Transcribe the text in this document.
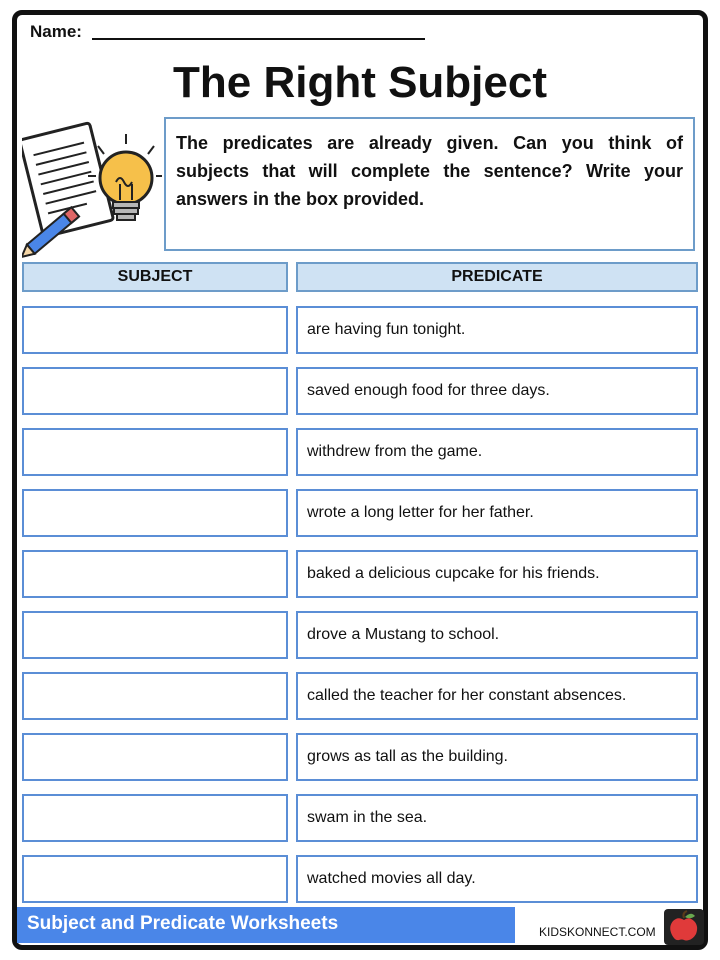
Name:
The Right Subject
The predicates are already given. Can you think of subjects that will complete the sentence? Write your answers in the box provided.
SUBJECT	PREDICATE
are having fun tonight.
saved enough food for three days.
withdrew from the game.
wrote a long letter for her father.
baked a delicious cupcake for his friends.
drove a Mustang to school.
called the teacher for her constant absences.
grows as tall as the building.
swam in the sea.
watched movies all day.
Subject and Predicate Worksheets	KIDSKONNECT.COM
